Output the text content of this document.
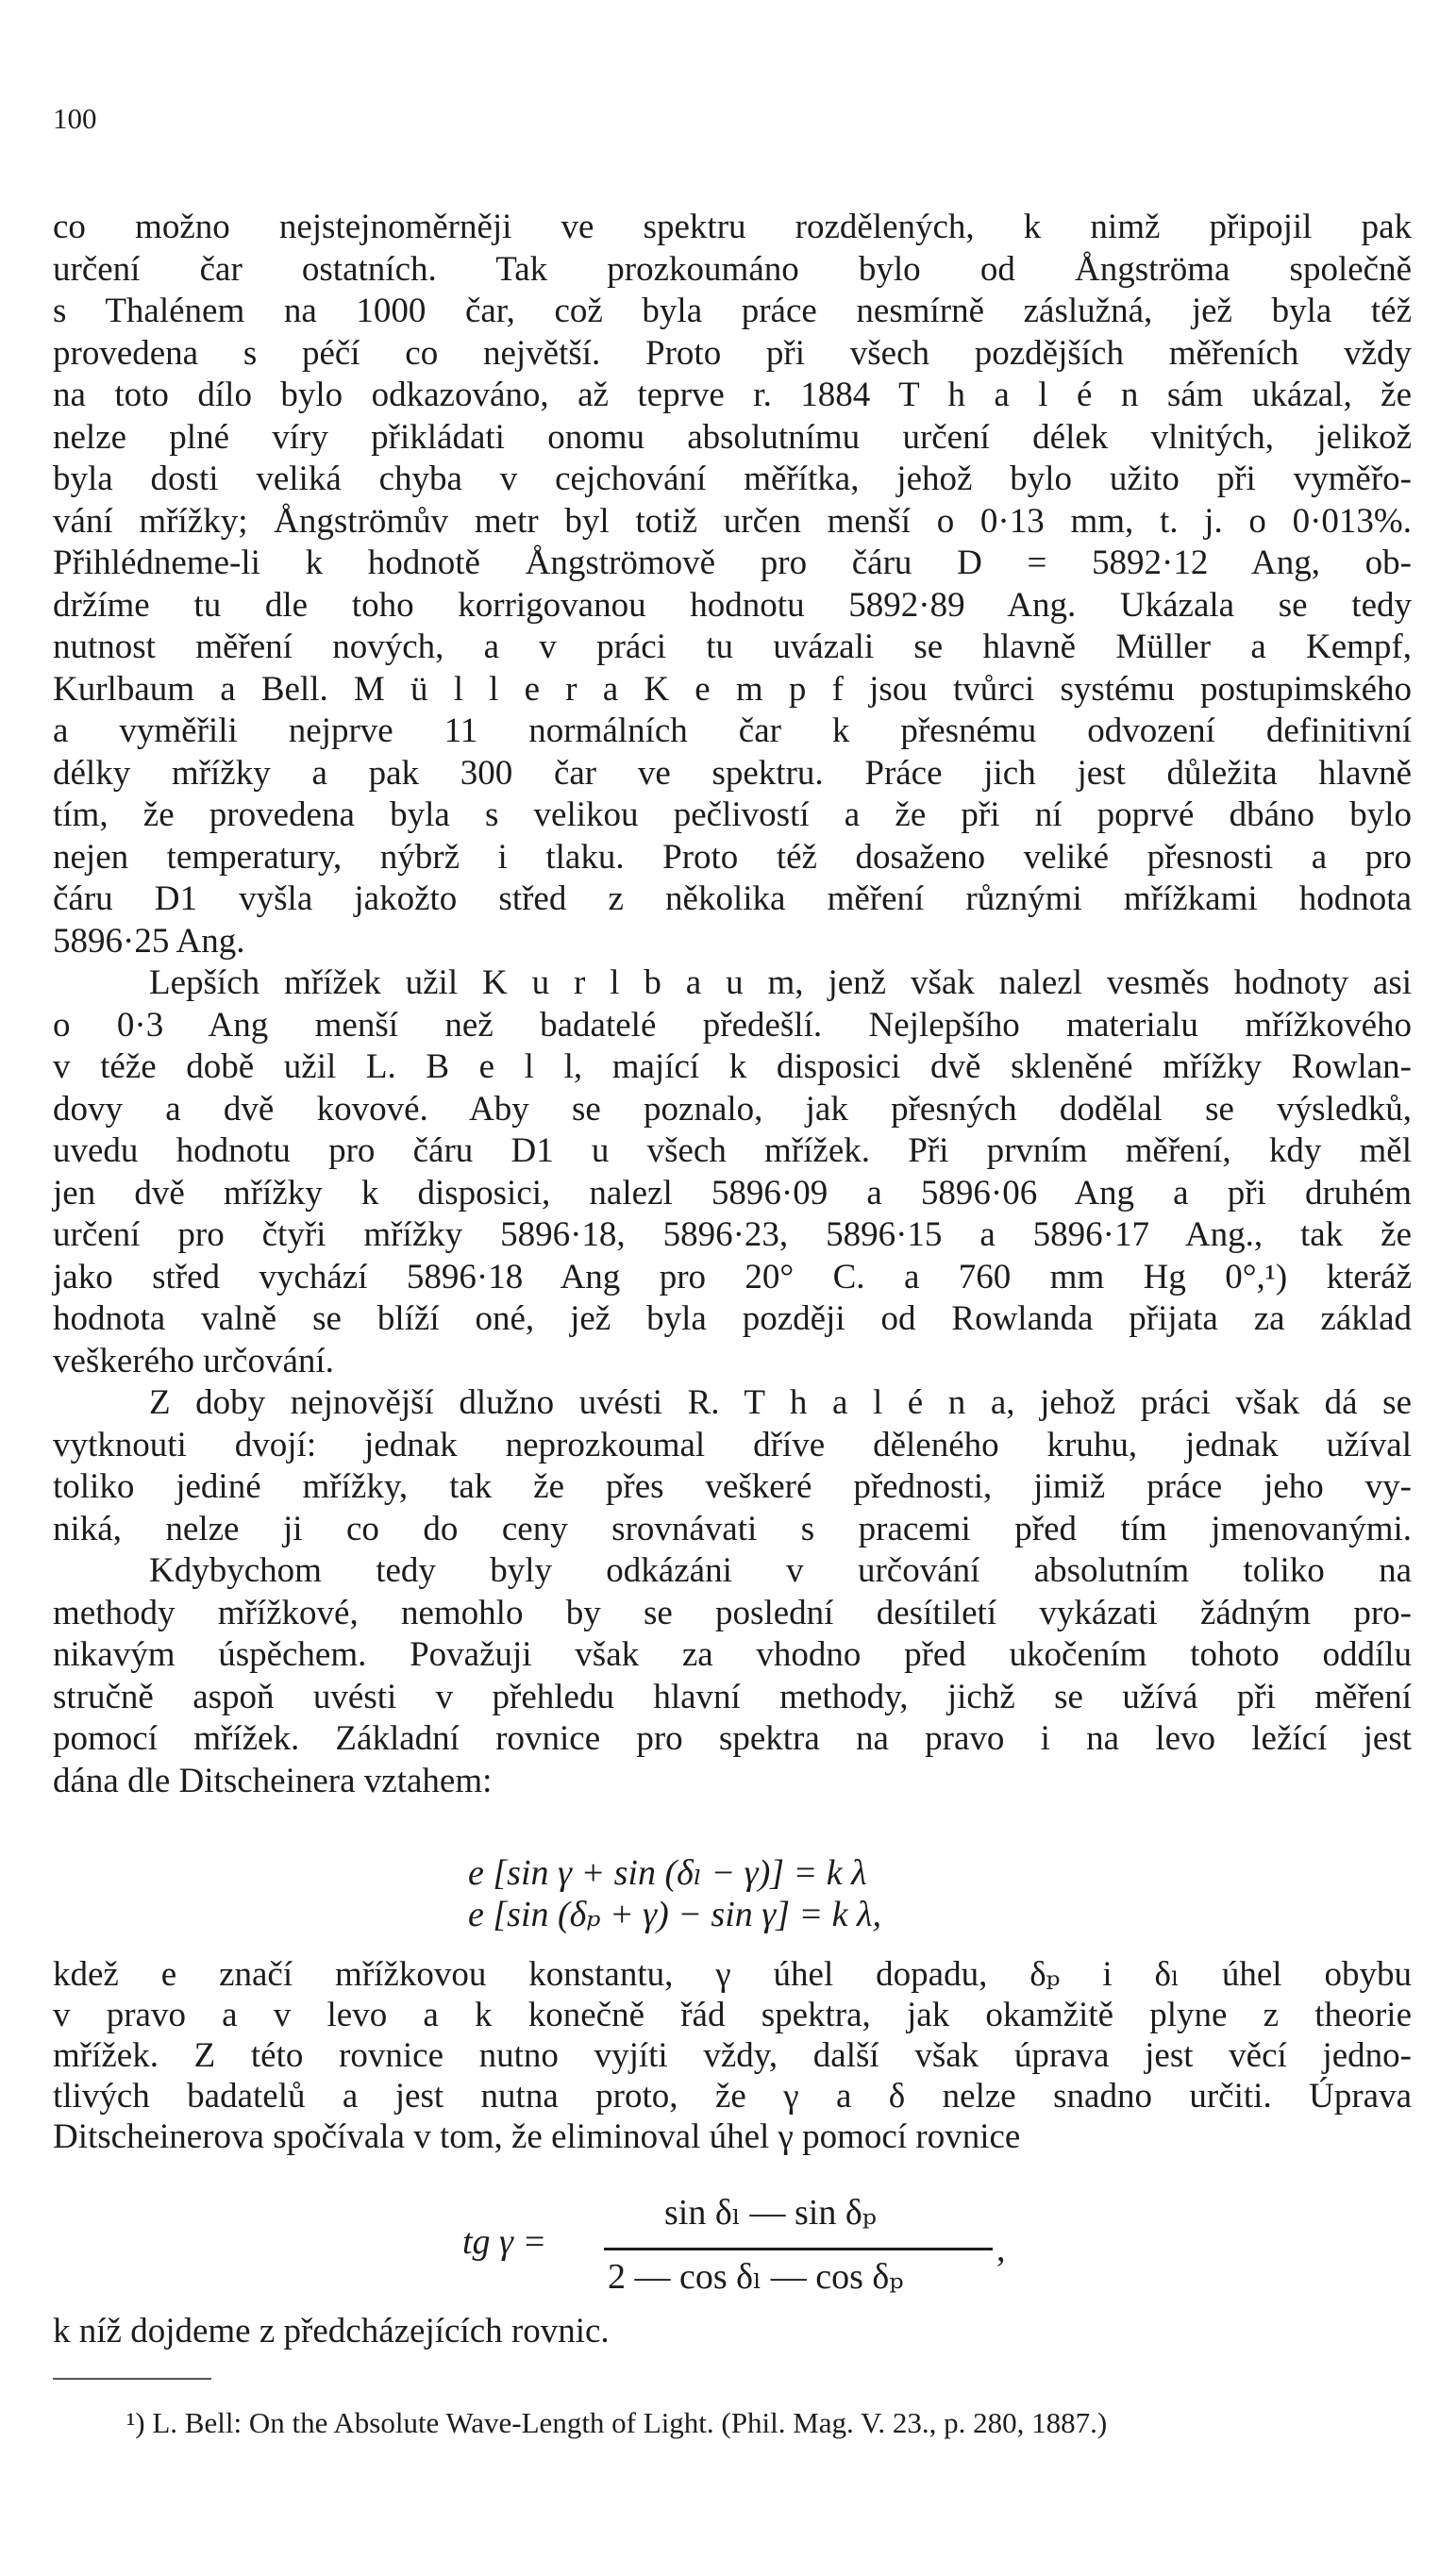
100
co možno nejstejnoměrněji ve spektru rozdělených, k nimž připojil pak
určení čar ostatních. Tak prozkoumáno bylo od Ångströma společně
s Thalénem na 1000 čar, což byla práce nesmírně záslužná, jež byla též
provedena s péčí co největší. Proto při všech pozdějších měřeních vždy
na toto dílo bylo odkazováno, až teprve r. 1884 T h a l é n sám ukázal, že
nelze plné víry přikládati onomu absolutnímu určení délek vlnitých, jelikož
byla dosti veliká chyba v cejchování měřítka, jehož bylo užito při vyměřo-
vání mřížky; Ångströmův metr byl totiž určen menší o 0·13 mm, t. j. o 0·013%.
Přihlédneme-li k hodnotě Ångströmově pro čáru D = 5892·12 Ang, ob-
držíme tu dle toho korrigovanou hodnotu 5892·89 Ang. Ukázala se tedy
nutnost měření nových, a v práci tu uvázali se hlavně Müller a Kempf,
Kurlbaum a Bell. M ü l l e r a K e m p f jsou tvůrci systému postupimského
a vyměřili nejprve 11 normálních čar k přesnému odvození definitivní
délky mřížky a pak 300 čar ve spektru. Práce jich jest důležita hlavně
tím, že provedena byla s velikou pečlivostí a že při ní poprvé dbáno bylo
nejen temperatury, nýbrž i tlaku. Proto též dosaženo veliké přesnosti a pro
čáru D1 vyšla jakožto střed z několika měření různými mřížkami hodnota
5896·25 Ang.
Lepších mřížek užil K u r l b a u m, jenž však nalezl vesměs hodnoty asi
o 0·3 Ang menší než badatelé předešlí. Nejlepšího materialu mřížkového
v téže době užil L. B e l l, mající k disposici dvě skleněné mřížky Rowlan-
dovy a dvě kovové. Aby se poznalo, jak přesných dodělal se výsledků,
uvedu hodnotu pro čáru D1 u všech mřížek. Při prvním měření, kdy měl
jen dvě mřížky k disposici, nalezl 5896·09 a 5896·06 Ang a při druhém
určení pro čtyři mřížky 5896·18, 5896·23, 5896·15 a 5896·17 Ang., tak že
jako střed vychází 5896·18 Ang pro 20° C. a 760 mm Hg 0°,¹) kteráž
hodnota valně se blíží oné, jež byla později od Rowlanda přijata za základ
veškerého určování.
Z doby nejnovější dlužno uvésti R. T h a l é n a, jehož práci však dá se
vytknouti dvojí: jednak neprozkoumal dříve děleného kruhu, jednak užíval
toliko jediné mřížky, tak že přes veškeré přednosti, jimiž práce jeho vy-
niká, nelze ji co do ceny srovnávati s pracemi před tím jmenovanými.
Kdybychom tedy byly odkázáni v určování absolutním toliko na
methody mřížkové, nemohlo by se poslední desítiletí vykázati žádným pro-
nikavým úspěchem. Považuji však za vhodno před ukočením tohoto oddílu
stručně aspoň uvésti v přehledu hlavní methody, jichž se užívá při měření
pomocí mřížek. Základní rovnice pro spektra na pravo i na levo ležící jest
dána dle Ditscheinera vztahem:
e [sin γ + sin (δₗ − γ)] = k λ
e [sin (δₚ + γ) − sin γ] = k λ,
kdež e značí mřížkovou konstantu, γ úhel dopadu, δₚ i δₗ úhel obybu
v pravo a v levo a k konečně řád spektra, jak okamžitě plyne z theorie
mřížek. Z této rovnice nutno vyjíti vždy, další však úprava jest věcí jedno-
tlivých badatelů a jest nutna proto, že γ a δ nelze snadno určiti. Úprava
Ditscheinerova spočívala v tom, že eliminoval úhel γ pomocí rovnice
tg γ =
sin δₗ — sin δₚ
2 — cos δₗ — cos δₚ
,
k níž dojdeme z předcházejících rovnic.
¹) L. Bell: On the Absolute Wave-Length of Light. (Phil. Mag. V. 23., p. 280, 1887.)
